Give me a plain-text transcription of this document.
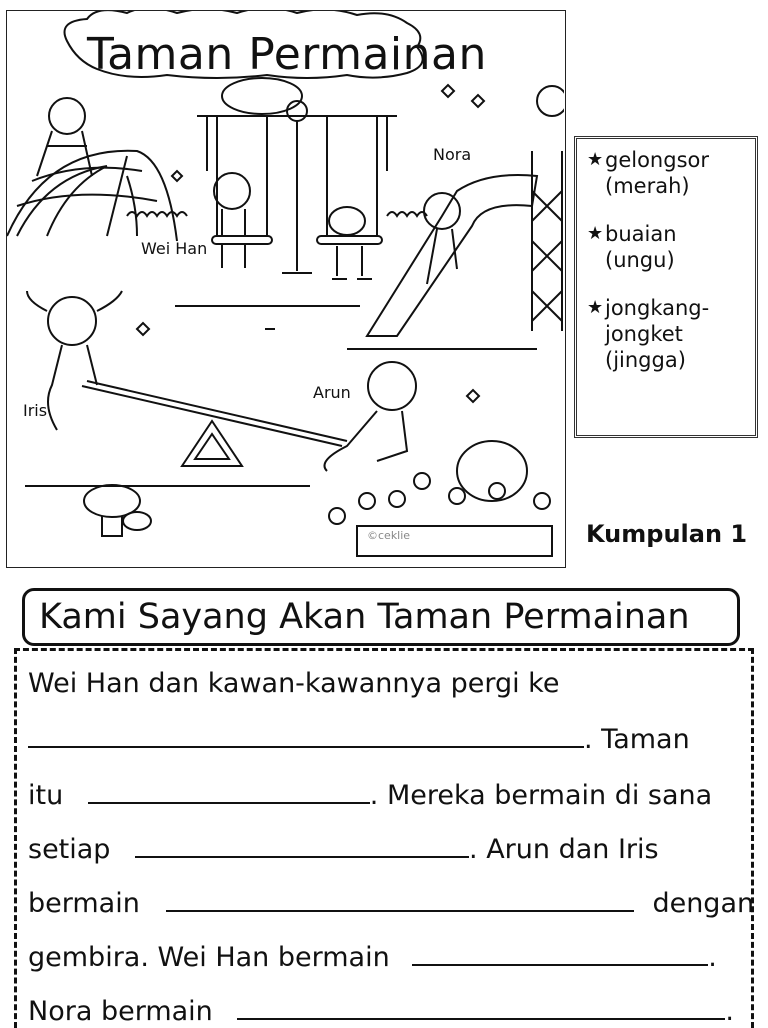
Taman Permainan
Wei Han
Nora
Iris
Arun
©ceklie
★ gelongsor
(merah)
★ buaian
(ungu)
★ jongkang-
jongket
(jingga)
Kumpulan 1
Kami Sayang Akan Taman Permainan
Wei Han dan kawan-kawannya pergi ke
. Taman
itu	. Mereka bermain di sana
setiap	. Arun dan Iris
bermain	dengan
gembira. Wei Han bermain	.
Nora bermain	.
